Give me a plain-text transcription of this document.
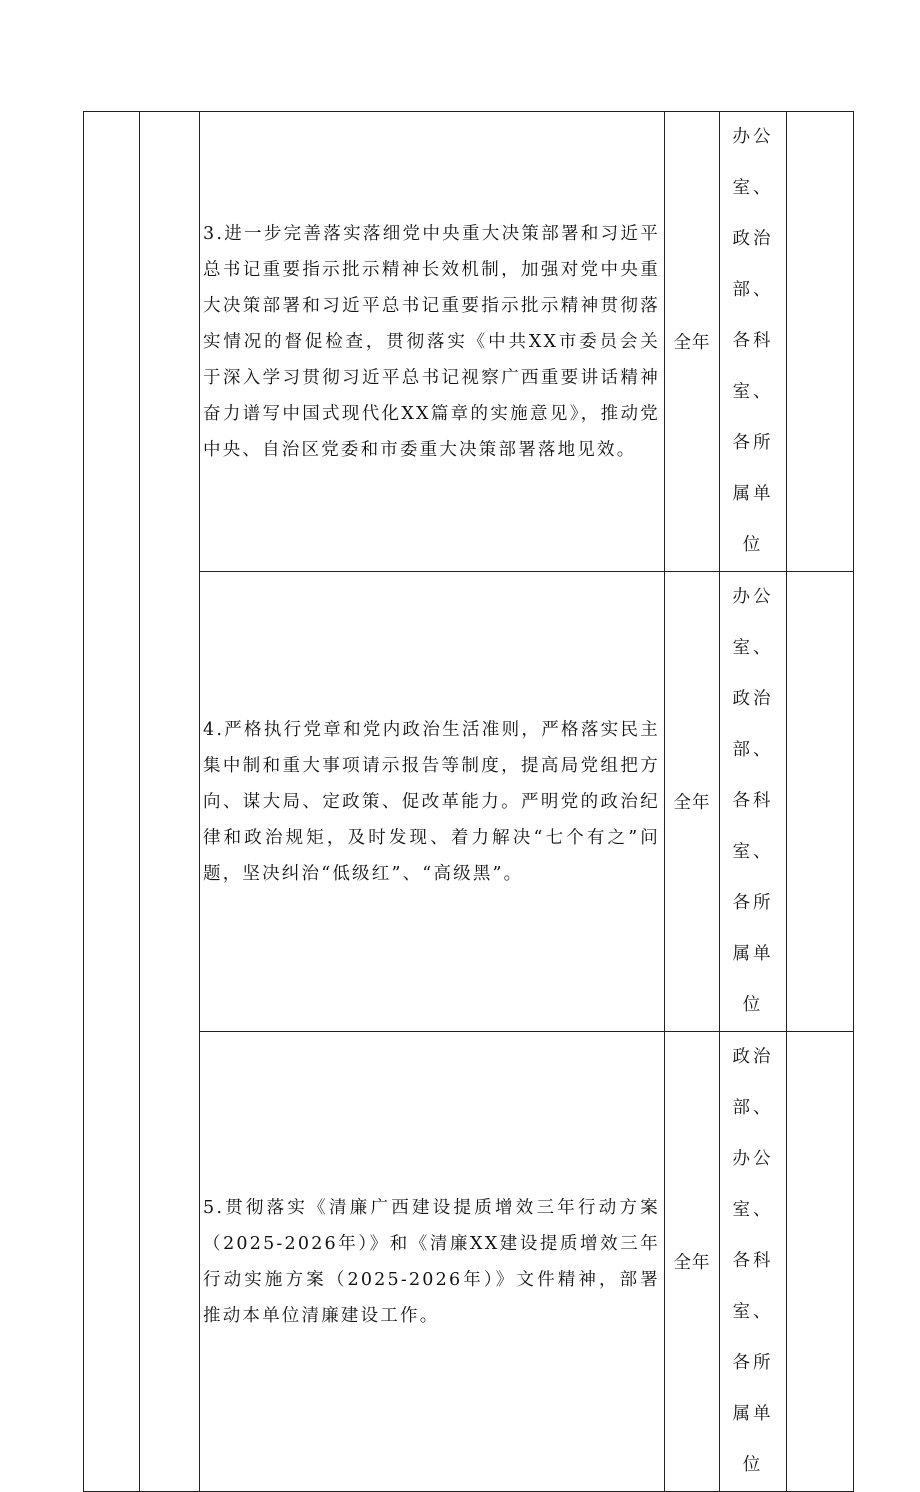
		3.进一步完善落实落细党中央重大决策部署和习近平总书记重要指示批示精神长效机制，加强对党中央重大决策部署和习近平总书记重要指示批示精神贯彻落实情况的督促检查，贯彻落实《中共XX市委员会关于深入学习贯彻习近平总书记视察广西重要讲话精神奋力谱写中国式现代化XX篇章的实施意见》，推动党中央、自治区党委和市委重大决策部署落地见效。	全年	办公室、政治部、各科室、各所属单位	
		4.严格执行党章和党内政治生活准则，严格落实民主集中制和重大事项请示报告等制度，提高局党组把方向、谋大局、定政策、促改革能力。严明党的政治纪律和政治规矩，及时发现、着力解决“七个有之”问题，坚决纠治“低级红”、“高级黑”。	全年	办公室、政治部、各科室、各所属单位	
		5.贯彻落实《清廉广西建设提质增效三年行动方案（2025-2026年）》和《清廉XX建设提质增效三年行动实施方案（2025-2026年）》文件精神，部署推动本单位清廉建设工作。	全年	政治部、办公室、各科室、各所属单位	
